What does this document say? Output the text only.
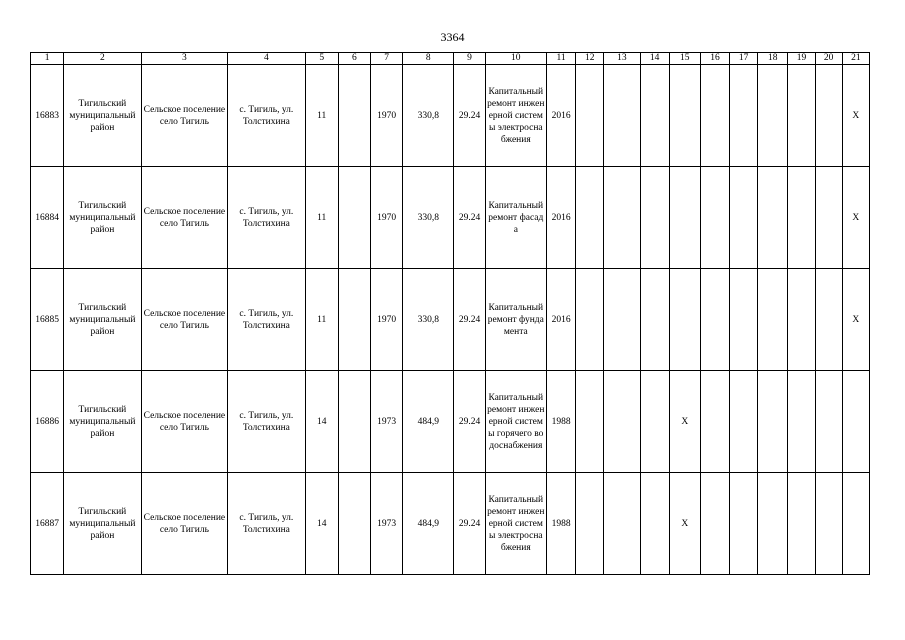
3364
1	2	3	4	5	6	7	8	9	10	11	12	13	14	15	16	17	18	19	20	21
16883	Тигильский муниципальный район	Сельское поселение село Тигиль	с. Тигиль, ул. Толстихина	11		1970	330,8	29.24	Капитальный ремонт инженерной системы электроснабжения	2016										X
16884	Тигильский муниципальный район	Сельское поселение село Тигиль	с. Тигиль, ул. Толстихина	11		1970	330,8	29.24	Капитальный ремонт фасада	2016										X
16885	Тигильский муниципальный район	Сельское поселение село Тигиль	с. Тигиль, ул. Толстихина	11		1970	330,8	29.24	Капитальный ремонт фундамента	2016										X
16886	Тигильский муниципальный район	Сельское поселение село Тигиль	с. Тигиль, ул. Толстихина	14		1973	484,9	29.24	Капитальный ремонт инженерной системы горячего водоснабжения	1988				X						
16887	Тигильский муниципальный район	Сельское поселение село Тигиль	с. Тигиль, ул. Толстихина	14		1973	484,9	29.24	Капитальный ремонт инженерной системы электроснабжения	1988				X						
